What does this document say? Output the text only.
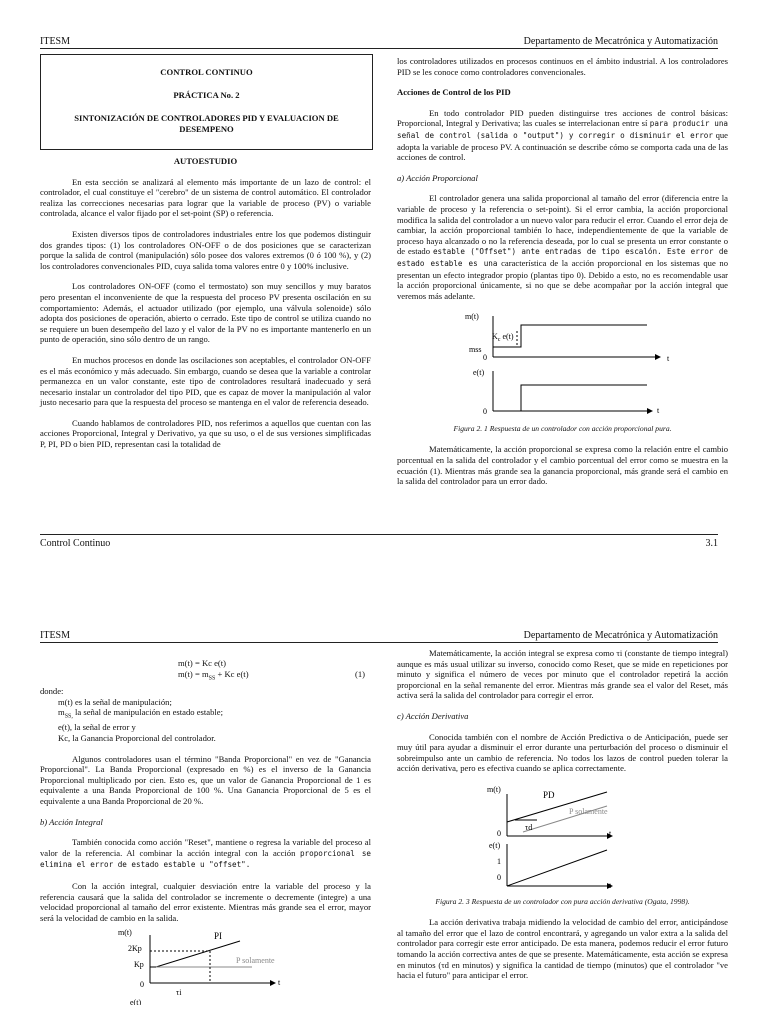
ITESM	Departamento de Mecatrónica y Automatización
CONTROL CONTINUO
PRÁCTICA No. 2
SINTONIZACIÓN DE CONTROLADORES PID Y EVALUACION DE DESEMPENO
AUTOESTUDIO

En esta sección se analizará al elemento más importante de un lazo de control: el controlador, el cual constituye el "cerebro" de un sistema de control automático. El controlador realiza las correcciones necesarias para lograr que la variable de proceso (PV) o variable controlada, alcance el valor fijado por el set-point (SP) o referencia.

Existen diversos tipos de controladores industriales entre los que podemos distinguir dos grandes tipos: (1) los controladores ON-OFF o de dos posiciones que se caracterizan porque la salida de control (manipulación) sólo posee dos valores extremos (0 ó 100 %), y (2) los controladores convencionales PID, cuya salida toma valores entre 0 y 100% inclusive.

Los controladores ON-OFF (como el termostato) son muy sencillos y muy baratos pero presentan el inconveniente de que la respuesta del proceso PV presenta oscilación en su comportamiento: Además, el actuador utilizado (por ejemplo, una válvula solenoide) sólo adopta dos posiciones de operación, abierto o cerrado. Este tipo de control se utiliza cuando no se requiere un buen desempeño del lazo y el valor de la PV no es importante mantenerlo en un punto de operación, sino sólo dentro de un rango.

En muchos procesos en donde las oscilaciones son aceptables, el controlador ON-OFF es el más económico y más adecuado. Sin embargo, cuando se desea que la variable a controlar permanezca en un valor constante, este tipo de controladores resultará inadecuado y será necesario instalar un controlador del tipo PID, que es capaz de mover la manipulación al valor justo necesario para que la respuesta del proceso se mantenga en el valor de referencia deseado.

Cuando hablamos de controladores PID, nos referimos a aquellos que cuentan con las acciones Proporcional, Integral y Derivativo, ya que su uso, o el de sus versiones simplificadas P, PI, PD o bien PID, representan casi la totalidad de

los controladores utilizados en procesos continuos en el ámbito industrial. A los controladores PID se les conoce como controladores convencionales.

Acciones de Control de los PID

En todo controlador PID pueden distinguirse tres acciones de control básicas: Proporcional, Integral y Derivativa; las cuales se interrelacionan entre sí para producir una señal de control (salida o "output") y corregir o disminuir el error que adopta la variable de proceso PV. A continuación se describe cómo se comporta cada una de las acciones de control.

a) Acción Proporcional

El controlador genera una salida proporcional al tamaño del error (diferencia entre la variable de proceso y la referencia o set-point). Si el error cambia, la acción proporcional modifica la salida del controlador a un nuevo valor para reducir el error. Cuando el error deja de cambiar, la acción proporcional también lo hace, independientemente de que la variable de proceso haya alcanzado o no la referencia deseada, por lo cual se presenta un error constante o de estado estable ("Offset") ante entradas de tipo escalón. Este error de estado estable es una característica de la acción proporcional en los sistemas que no presentan un efecto integrador propio (plantas tipo 0). Debido a esto, no es recomendable usar la acción proporcional únicamente, si no que se debe acompañar por la acción integral que veremos más adelante.

m(t)
$K_c$ e(t)
mss
0	t
e(t)
0	t

Figura 2. 1 Respuesta de un controlador con acción proporcional pura.

Matemáticamente, la acción proporcional se expresa como la relación entre el cambio porcentual en la salida del controlador y el cambio porcentual del error como se muestra en la ecuación (1). Mientras más grande sea la ganancia proporcional, más grande será el cambio en la salida del controlador para un error dado.

Control Continuo	3.1
ITESM	Departamento de Mecatrónica y Automatización
m(t) = Kc e(t)
$m(t) = m_{SS} + Kc$ e(t)	(1)
donde:
m(t) es la señal de manipulación;
$m_{SS,}$ la señal de manipulación en estado estable;
e(t), la señal de error y
Kc, la Ganancia Proporcional del controlador.

Algunos controladores usan el término "Banda Proporcional" en vez de "Ganancia Proporcional". La Banda Proporcional (expresado en %) es el inverso de la Ganancia Proporcional multiplicado por cien. Esto es, que un valor de Ganancia Proporcional de 1 es equivalente a una Banda Proporcional de 100 %. Una Ganancia Proporcional de 5 es el equivalente a una Banda Proporcional de 20 %.

b) Acción Integral

También conocida como acción "Reset", mantiene o regresa la variable del proceso al valor de la referencia. Al combinar la acción integral con la acción proporcional se elimina el error de estado estable u "offset".

Con la acción integral, cualquier desviación entre la variable del proceso y la referencia causará que la salida del controlador se incremente o decremente (integre) a una velocidad proporcional al tamaño del error existente. Mientras más grande sea el error, mayor será la velocidad de cambio en la salida.

m(t)
2Kp
Kp
0
PI
P solamente
τi
t
e(t)

Matemáticamente, la acción integral se expresa como τi (constante de tiempo integral) aunque es más usual utilizar su inverso, conocido como Reset, que se mide en repeticiones por minuto y significa el número de veces por minuto que el controlador repetirá la acción proporcional en la señal remanente del error. Mientras más grande sea el valor del Reset, más activa será la salida del controlador para corregir el error.

c) Acción Derivativa

Conocida también con el nombre de Acción Predictiva o de Anticipación, puede ser muy útil para ayudar a disminuir el error durante una perturbación del proceso o disminuir el sobreimpulso ante un cambio de referencia. No todos los lazos de control pueden tolerar la acción derivativa, pero es efectiva cuando se aplica correctamente.

m(t)
PD
P solamente
τd
0	t
e(t)
1
0
t

Figura 2. 3 Respuesta de un controlador con pura acción derivativa (Ogata, 1998).

La acción derivativa trabaja midiendo la velocidad de cambio del error, anticipándose al tamaño del error que el lazo de control encontrará, y agregando un valor extra a la salida del controlador para corregir este error anticipado. De esta manera, podemos reducir el error futuro tomando la acción correctiva antes de que se presente. Matemáticamente, esta acción se expresa en minutos (τd en minutos) y significa la cantidad de tiempo (minutos) que el controlador "ve hacia el futuro" para anticipar el error.
